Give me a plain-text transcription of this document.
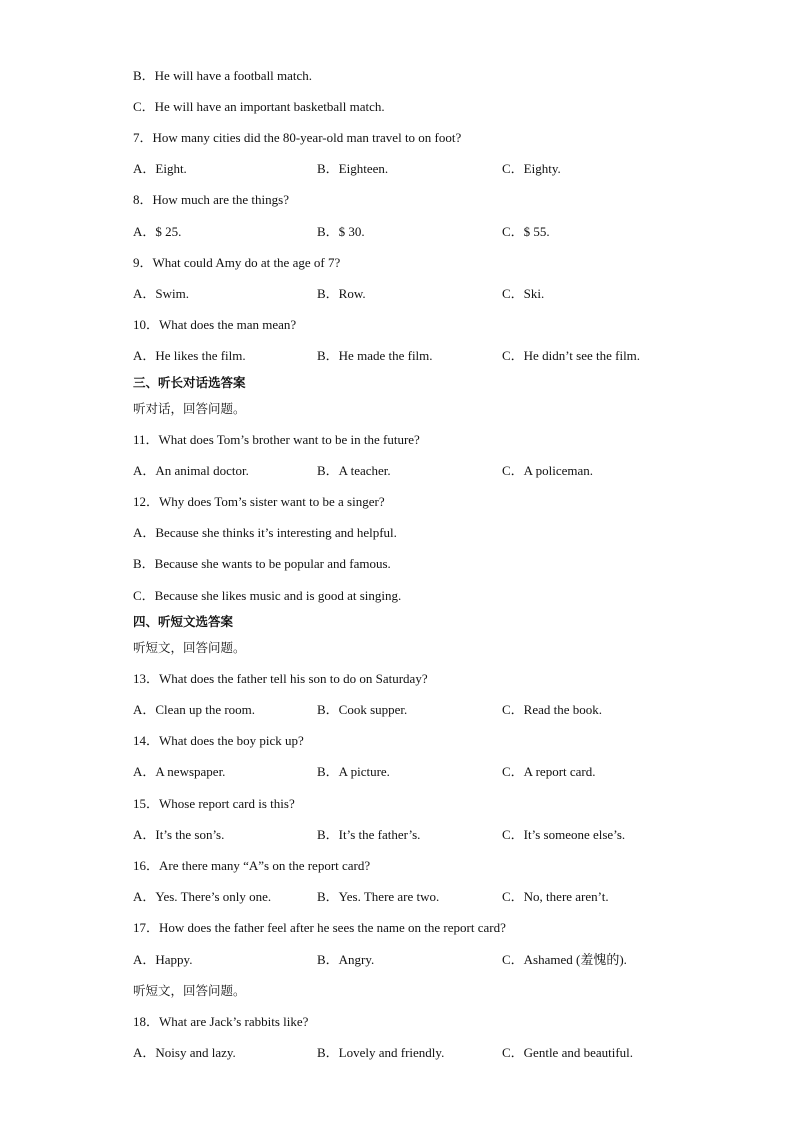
B．He will have a football match.
C．He will have an important basketball match.
7．How many cities did the 80-year-old man travel to on foot?
A．Eight.	B．Eighteen.	C．Eighty.
8．How much are the things?
A．$ 25.	B．$ 30.	C．$ 55.
9．What could Amy do at the age of 7?
A．Swim.	B．Row.	C．Ski.
10．What does the man mean?
A．He likes the film.	B．He made the film.	C．He didn’t see the film.
三、听长对话选答案
听对话，回答问题。
11．What does Tom’s brother want to be in the future?
A．An animal doctor.	B．A teacher.	C．A policeman.
12．Why does Tom’s sister want to be a singer?
A．Because she thinks it’s interesting and helpful.
B．Because she wants to be popular and famous.
C．Because she likes music and is good at singing.
四、听短文选答案
听短文，回答问题。
13．What does the father tell his son to do on Saturday?
A．Clean up the room.	B．Cook supper.	C．Read the book.
14．What does the boy pick up?
A．A newspaper.	B．A picture.	C．A report card.
15．Whose report card is this?
A．It’s the son’s.	B．It’s the father’s.	C．It’s someone else’s.
16．Are there many “A”s on the report card?
A．Yes. There’s only one.	B．Yes. There are two.	C．No, there aren’t.
17．How does the father feel after he sees the name on the report card?
A．Happy.	B．Angry.	C．Ashamed (羞愧的).
听短文，回答问题。
18．What are Jack’s rabbits like?
A．Noisy and lazy.	B．Lovely and friendly.	C．Gentle and beautiful.
